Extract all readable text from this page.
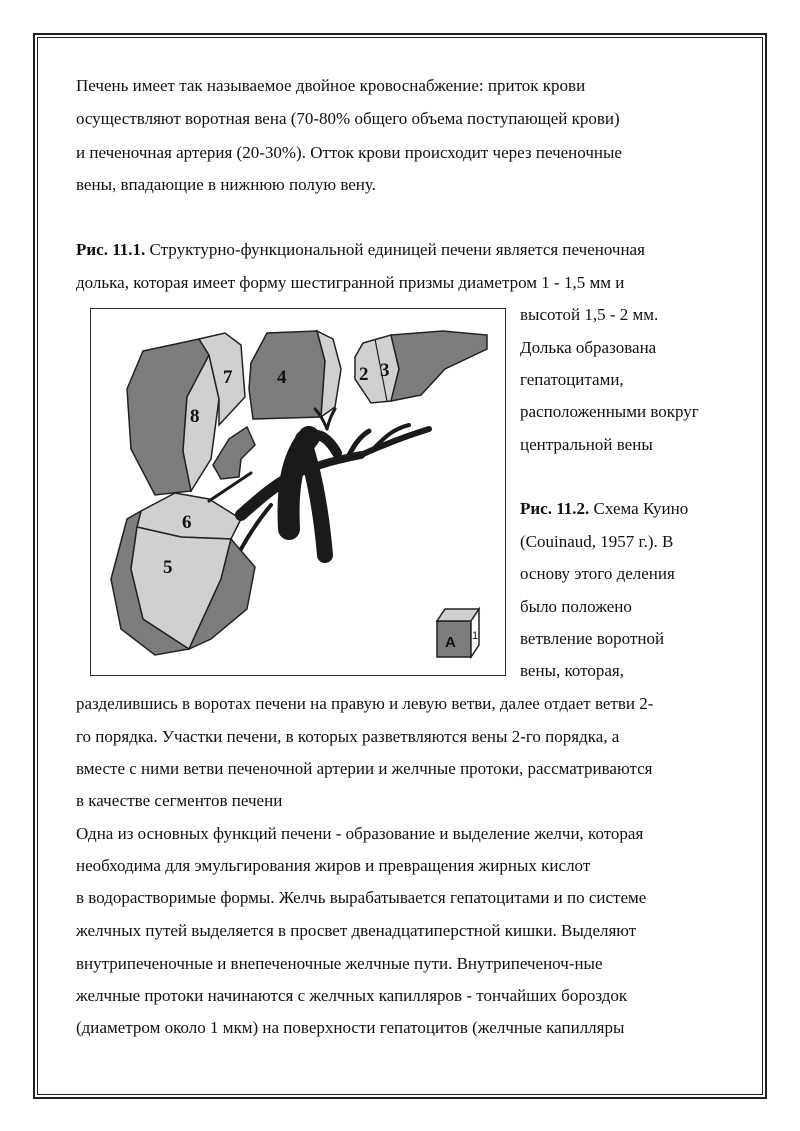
Печень имеет так называемое двойное кровоснабжение: приток крови
осуществляют воротная вена (70-80% общего объема поступающей крови)
и печеночная артерия (20-30%). Отток крови происходит через печеночные
вены, впадающие в нижнюю полую вену.
Рис. 11.1. Структурно-функциональной единицей печени является печеночная
долька, которая имеет форму шестигранной призмы диаметром 1 - 1,5 мм и
высотой 1,5 - 2 мм.
Долька образована
гепатоцитами,
расположенными вокруг
центральной вены
Рис. 11.2. Схема Куино
(Couinaud, 1957 г.). В
основу этого деления
было положено
ветвление воротной
вены, которая,
разделившись в воротах печени на правую и левую ветви, далее отдает ветви 2-
го порядка. Участки печени, в которых разветвляются вены 2-го порядка, а
вместе с ними ветви печеночной артерии и желчные протоки, рассматриваются
в качестве сегментов печени
Одна из основных функций печени - образование и выделение желчи, которая
необходима для эмульгирования жиров и превращения жирных кислот
в водорастворимые формы. Желчь вырабатывается гепатоцитами и по системе
желчных путей выделяется в просвет двенадцатиперстной кишки. Выделяют
внутрипеченочные и внепеченочные желчные пути. Внутрипеченоч-ные
желчные протоки начинаются с желчных капилляров - тончайших бороздок
(диаметром около 1 мкм) на поверхности гепатоцитов (желчные капилляры
7 4	2 3
8
6
5
A 1
